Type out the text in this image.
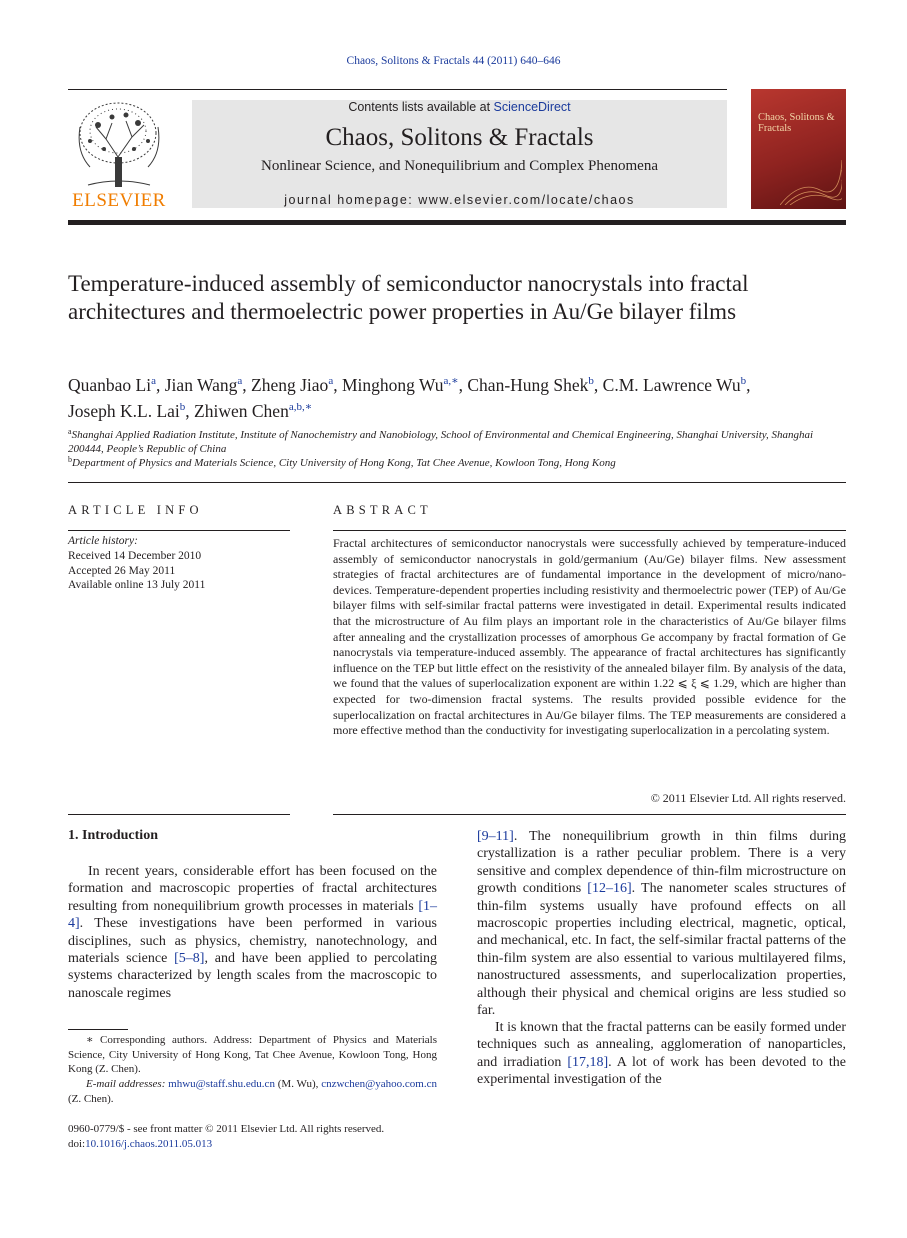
Chaos, Solitons & Fractals 44 (2011) 640–646
ELSEVIER
Contents lists available at ScienceDirect
Chaos, Solitons & Fractals
Nonlinear Science, and Nonequilibrium and Complex Phenomena
journal homepage: www.elsevier.com/locate/chaos
Chaos, Solitons & Fractals
Temperature-induced assembly of semiconductor nanocrystals into fractal architectures and thermoelectric power properties in Au/Ge bilayer films
Quanbao Li$^a$, Jian Wang$^a$, Zheng Jiao$^a$, Minghong $Wu^{a,∗}$, Chan-Hung Shek$^b$, C.M. Lawrence Wu$^b$,
Joseph K.L. Lai$^b$, Zhiwen Chen$^{a,b,∗}$
$^a$Shanghai Applied Radiation Institute, Institute of Nanochemistry and Nanobiology, School of Environmental and Chemical Engineering, Shanghai University, Shanghai 200444, People’s Republic of China
$^b$Department of Physics and Materials Science, City University of Hong Kong, Tat Chee Avenue, Kowloon Tong, Hong Kong
ARTICLE INFO
Article history:
Received 14 December 2010
Accepted 26 May 2011
Available online 13 July 2011
ABSTRACT
Fractal architectures of semiconductor nanocrystals were successfully achieved by temperature-induced assembly of semiconductor nanocrystals in gold/germanium (Au/Ge) bilayer films. New assessment strategies of fractal architectures are of fundamental importance in the development of micro/nano-devices. Temperature-dependent properties including resistivity and thermoelectric power (TEP) of Au/Ge bilayer films with self-similar fractal patterns were investigated in detail. Experimental results indicated that the microstructure of Au film plays an important role in the characteristics of Au/Ge bilayer films after annealing and the crystallization processes of amorphous Ge accompany by fractal formation of Ge nanocrystals via temperature-induced assembly. The appearance of fractal architectures has significantly influence on the TEP but little effect on the resistivity of the annealed bilayer film. By analysis of the data, we found that the values of superlocalization exponent are within 1.22 ⩽ ξ ⩽ 1.29, which are higher than expected for two-dimension fractal systems. The results provided possible evidence for the superlocalization on fractal architectures in Au/Ge bilayer films. The TEP measurements are considered a more effective method than the conductivity for investigating superlocalization in a percolating system.
© 2011 Elsevier Ltd. All rights reserved.
1. Introduction
In recent years, considerable effort has been focused on the formation and macroscopic properties of fractal architectures resulting from nonequilibrium growth processes in materials [1–4]. These investigations have been performed in various disciplines, such as physics, chemistry, nanotechnology, and materials science [5–8], and have been applied to percolating systems characterized by length scales from the macroscopic to nanoscale regimes
[9–11]. The nonequilibrium growth in thin films during crystallization is a rather peculiar problem. There is a very sensitive and complex dependence of thin-film microstructure on growth conditions [12–16]. The nanometer scales structures of thin-film systems usually have profound effects on all macroscopic properties including electrical, magnetic, optical, and mechanical, etc. In fact, the self-similar fractal patterns of the thin-film system are also essential to various multilayered films, nanostructured assessments, and superlocalization properties, although their physical and chemical origins are less studied so far.
It is known that the fractal patterns can be easily formed under techniques such as annealing, agglomeration of nanoparticles, and irradiation [17,18]. A lot of work has been devoted to the experimental investigation of the
∗ Corresponding authors. Address: Department of Physics and Materials Science, City University of Hong Kong, Tat Chee Avenue, Kowloon Tong, Hong Kong (Z. Chen).
E-mail addresses: mhwu@staff.shu.edu.cn (M. Wu), cnzwchen@yahoo.com.cn (Z. Chen).
0960-0779/$ - see front matter © 2011 Elsevier Ltd. All rights reserved.
doi:10.1016/j.chaos.2011.05.013
